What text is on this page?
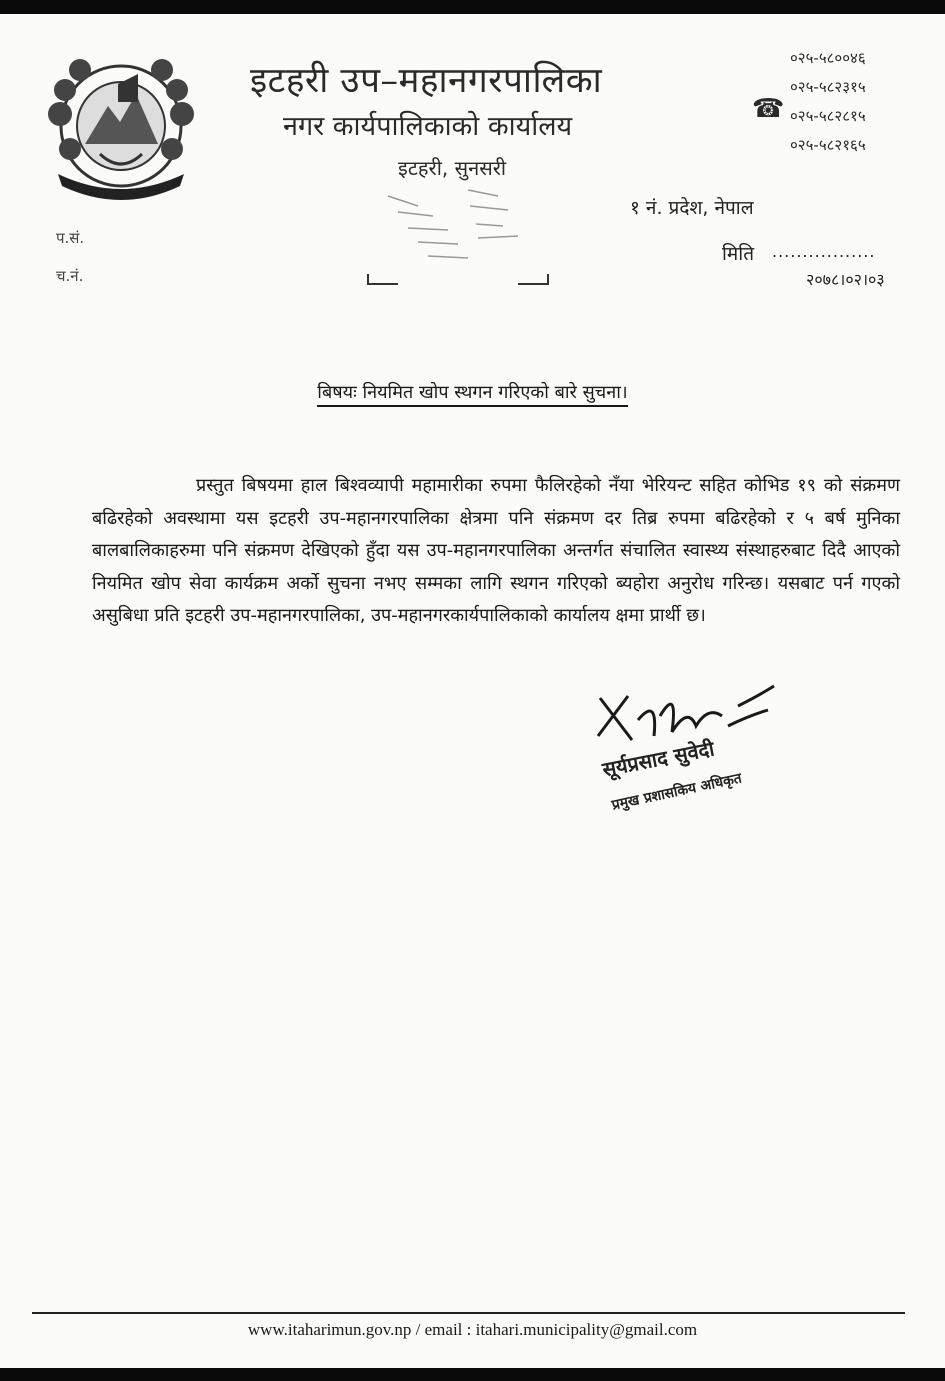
इटहरी उप–महानगरपालिका
नगर कार्यपालिकाको कार्यालय
इटहरी, सुनसरी
०२५-५८००४६
०२५-५८२३१५
०२५-५८२८१५
०२५-५८२१६५
☎
१ नं. प्रदेश, नेपाल
मिति .................
२०७८।०२।०३
प.सं.
च.नं.
बिषयः नियमित खोप स्थगन गरिएको बारे सुचना।
प्रस्तुत बिषयमा हाल बिश्वव्यापी महामारीका रुपमा फैलिरहेको नँया भेरियन्ट सहित कोभिड १९ को संक्रमण बढिरहेको अवस्थामा यस इटहरी उप-महानगरपालिका क्षेत्रमा पनि संक्रमण दर तिब्र रुपमा बढिरहेको र ५ बर्ष मुनिका बालबालिकाहरुमा पनि संक्रमण देखिएको हुँदा यस उप-महानगरपालिका अन्तर्गत संचालित स्वास्थ्य संस्थाहरुबाट दिदै आएको नियमित खोप सेवा कार्यक्रम अर्को सुचना नभए सम्मका लागि स्थगन गरिएको ब्यहोरा अनुरोध गरिन्छ। यसबाट पर्न गएको असुबिधा प्रति इटहरी उप-महानगरपालिका, उप-महानगरकार्यपालिकाको कार्यालय क्षमा प्रार्थी छ।
सूर्यप्रसाद सुवेदी
प्रमुख प्रशासकिय अधिकृत
www.itaharimun.gov.np / email : itahari.municipality@gmail.com
